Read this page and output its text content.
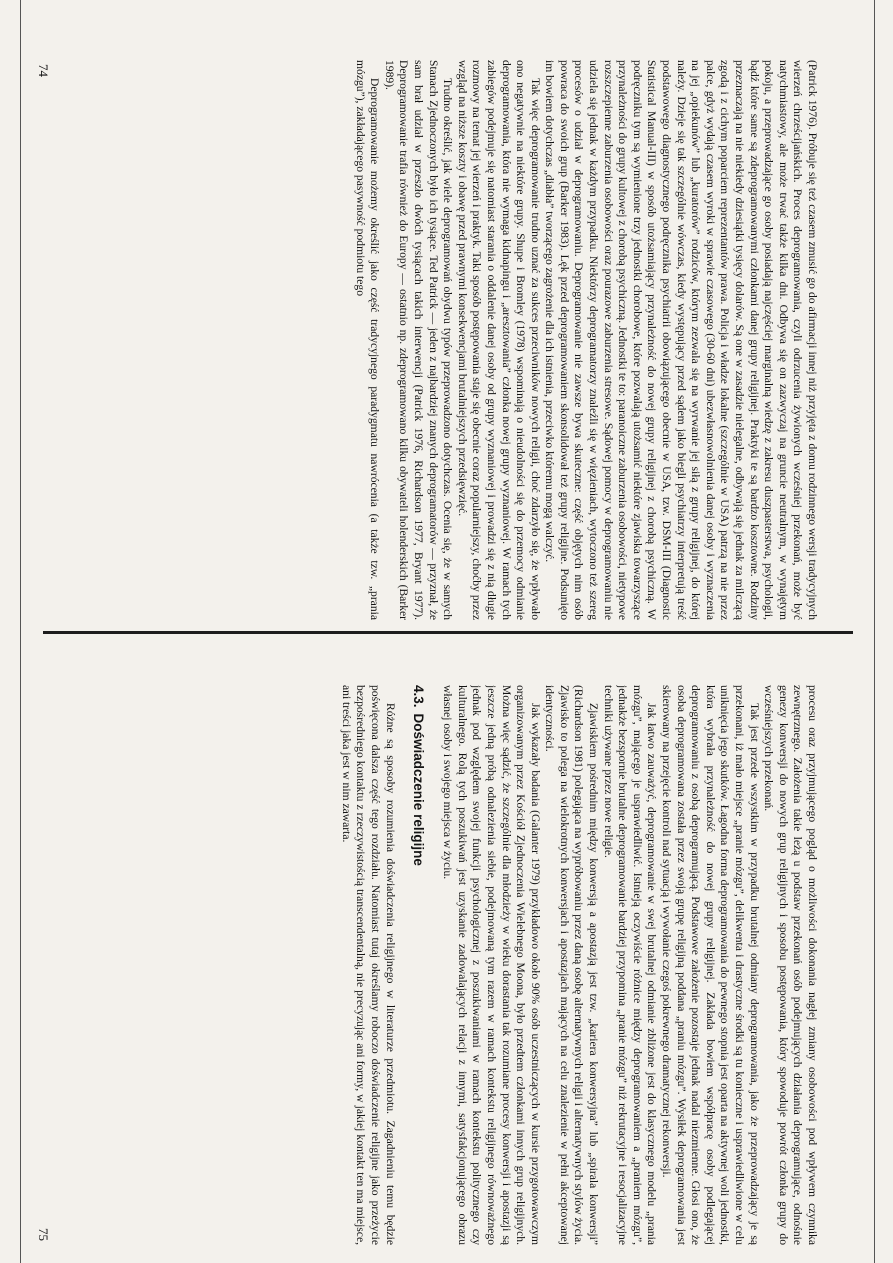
(Patrick 1976). Próbuje się też czasem zmusić go do afirmacji innej niż przyjęta z domu rodzinnego wersji tradycyjnych wierzeń chrześcijańskich. Proces deprogramowania, czyli odrzucenia żywionych wcześniej przekonań, może być natychmiastowy, ale może trwać także kilka dni. Odbywa się on zazwyczaj na gruncie neutralnym, w wynajętym pokoju, a przeprowadzające go osoby posiadają najczęściej marginalną wiedzę z zakresu duszpasterstwa, psychologii, bądź które same są zdeprogramowanymi członkami danej grupy religijnej. Praktyki te są bardzo kosztowne. Rodziny przeznaczają na nie niekiedy dziesiątki tysięcy dolarów. Są one w zasadzie nielegalne, odbywają się jednak za milczącą zgodą i z cichym poparciem reprezentantów prawa. Policja i władze lokalne (szczególnie w USA) patrzą na nie przez palce, gdyż wydają czasem wyroki w sprawie czasowego (30-60 dni) ubezwłasnowolnienia danej osoby i wyznaczenia na jej „opiekunów” lub „kuratorów” rodziców, którym zezwala się na wyrwanie jej siłą z grupy religijnej, do której należy. Dzieje się tak szczególnie wówczas, kiedy występujący przed sądem jako biegli psychiatrzy interpretują treść podstawowego diagnostycznego podręcznika psychiatrii obowiązującego obecnie w USA, tzw. DSM-III (Diagnostic Statistical Manual-III) w sposób utożsamiający przynależność do nowej grupy religijnej z chorobą psychiczną. W podręczniku tym są wymienione trzy jednostki chorobowe, które pozwalają utożsamić niektóre zjawiska towarzyszące przynależności do grupy kultowej z chorobą psychiczną. Jednostki te to: paranoiczne zaburzenia osobowości, nietypowe rozszczepienne zaburzenia osobowości oraz pourazowe zaburzenia stresowe. Sądowej pomocy w deprogramowaniu nie udziela się jednak w każdym przypadku. Niektórzy deprogramatorzy znaleźli się w więzieniach, wytoczono też szereg procesów o udział w deprogramowaniu. Deprogramowanie nie zawsze bywa skuteczne: część objętych nim osób powraca do swoich grup (Barker 1983). Lęk przed deprogramowaniem skonsolidował też grupy religijne. Podsunięto im bowiem dotychczas „diabła” tworzącego zagrożenie dla ich istnienia, przeciwko któremu mogą walczyć.

Tak więc deprogramowanie trudno uznać za sukces przeciwników nowych religii, choć zdarzyło się, że wpływało ono negatywnie na niektóre grupy. Shupe i Bromley (1978) wspominają o nieudolności się do przemocy odmianie deprogramowania, która nie wymaga kidnapingu i „aresztowania” członka nowej grupy wyznaniowej. W ramach tych zabiegów podejmuje się natomiast starania o oddalenie danej osoby od grupy wyznaniowej i prowadzi się z nią długie rozmowy na temat jej wierzeń i praktyk. Taki sposób postępowania staje się obecnie coraz popularniejszy, choćby przez wzgląd na niższe koszty i obawę przed prawnymi konsekwencjami brutalniejszych przedsięwzięć.

Trudno określić, jak wiele deprogramowań obydwu typów przeprowadzono dotychczas. Ocenia się, że w samych Stanach Zjednoczonych było ich tysiące. Ted Patrick — jeden z najbardziej znanych deprogramatorów — przyznał, że sam brał udział w przeszło dwóch tysiącach takich interwencji (Patrick 1976, Richardson 1977, Bryant 1977). Deprogramowanie trafia również do Europy — ostatnio np. zdeprogramowano kilku obywateli holenderskich (Barker 1989).

Deprogramowanie możemy określić jako część tradycyjnego paradygmatu nawrócenia (a także tzw. „prania mózgu”), zakładającego pasywność podmiotu tego

74

procesu oraz przyjmującego pogląd o możliwości dokonania nagłej zmiany osobowości pod wpływem czynnika zewnętrznego. Założenia takie leżą u podstaw przekonań osób podejmujących działania deprogramujące, odnośnie genezy konwersji do nowych grup religijnych i sposobu postępowania, który spowoduje powrót członka grupy do wcześniejszych przekonań.

Tak jest przede wszystkim w przypadku brutalnej odmiany deprogramowania, jako że przeprowadzający je są przekonani, iż mało miejsce „pranie mózgu”, delikwenta i drastyczne środki są tu konieczne i usprawiedliwione w celu uniknięcia jego skutków. Łagodna forma deprogramowania do pewnego stopnia jest oparta na aktywnej woli jednostki, która wybrała przynależność do nowej grupy religijnej. Zakłada bowiem współpracę osoby podlegającej deprogramowaniu z osobą deprogramującą. Podstawowe założenie pozostaje jednak nadal niezmienne. Głosi ono, że osoba deprogramowana została przez swoją grupę religijną poddana „praniu mózgu”. Wysiłek deprogramowania jest skierowany na przejęcie kontroli nad sytuacją i wywołanie czegoś pokrewnego dramatycznej rekonwersji.

Jak łatwo zauważyć, deprogramowanie w swej brutalnej odmianie zbliżone jest do klasycznego modelu „prania mózgu”, mającego je usprawiedliwić. Istnieją oczywiście różnice między deprogramowaniem a „praniem mózgu”, jednakże bezspornie brutalne deprogramowanie bardziej przypomina „pranie mózgu” niż rekrutacyjne i resocjalizacyjne techniki używane przez nowe religie.

Zjawiskiem pośrednim między konwersją a apostazją jest tzw. „kariera konwersyjna” lub „spirala konwersji” (Richardson 1981) polegająca na wypróbowaniu przez daną osobę alternatywnych religii i alternatywnych stylów życia. Zjawisko to polega na wielokrotnych konwersjach i apostazjach mających na celu znalezienie w pełni akceptowanej identyczności.

Jak wykazały badania (Galanter 1979) przykładowo około 90% osób uczestniczących w kursie przygotowawczym organizowanym przez Kościół Zjednoczenia Wielebnego Moona, było przedtem członkami innych grup religijnych. Można więc sądzić, że szczególnie dla młodzieży w wieku dorastania tak rozumiane procesy konwersji i apostazji są jeszcze jedną próbą odnalezienia siebie, podejmowaną tym razem w ramach kontekstu religijnego równoważnego jednak pod względem swojej funkcji psychologicznej z poszukiwaniami w ramach kontekstu politycznego czy kulturalnego. Rolą tych poszukiwań jest uzyskanie zadowalających relacji z innymi, satysfakcjonującego obrazu własnej osoby i swojego miejsca w życiu.

4.3.Doświadczenie religijne

Różne są sposoby rozumienia doświadczenia religijnego w literaturze przedmiotu. Zagadnieniu temu będzie poświęcona dalsza część tego rozdziału. Natomiast tutaj określamy roboczo doświadczenie religijne jako przeżycie bezpośredniego kontaktu z rzeczywistością transcendentalną, nie precyzując ani formy, w jakiej kontakt ten ma miejsce, ani treści jaka jest w nim zawarta.

75
